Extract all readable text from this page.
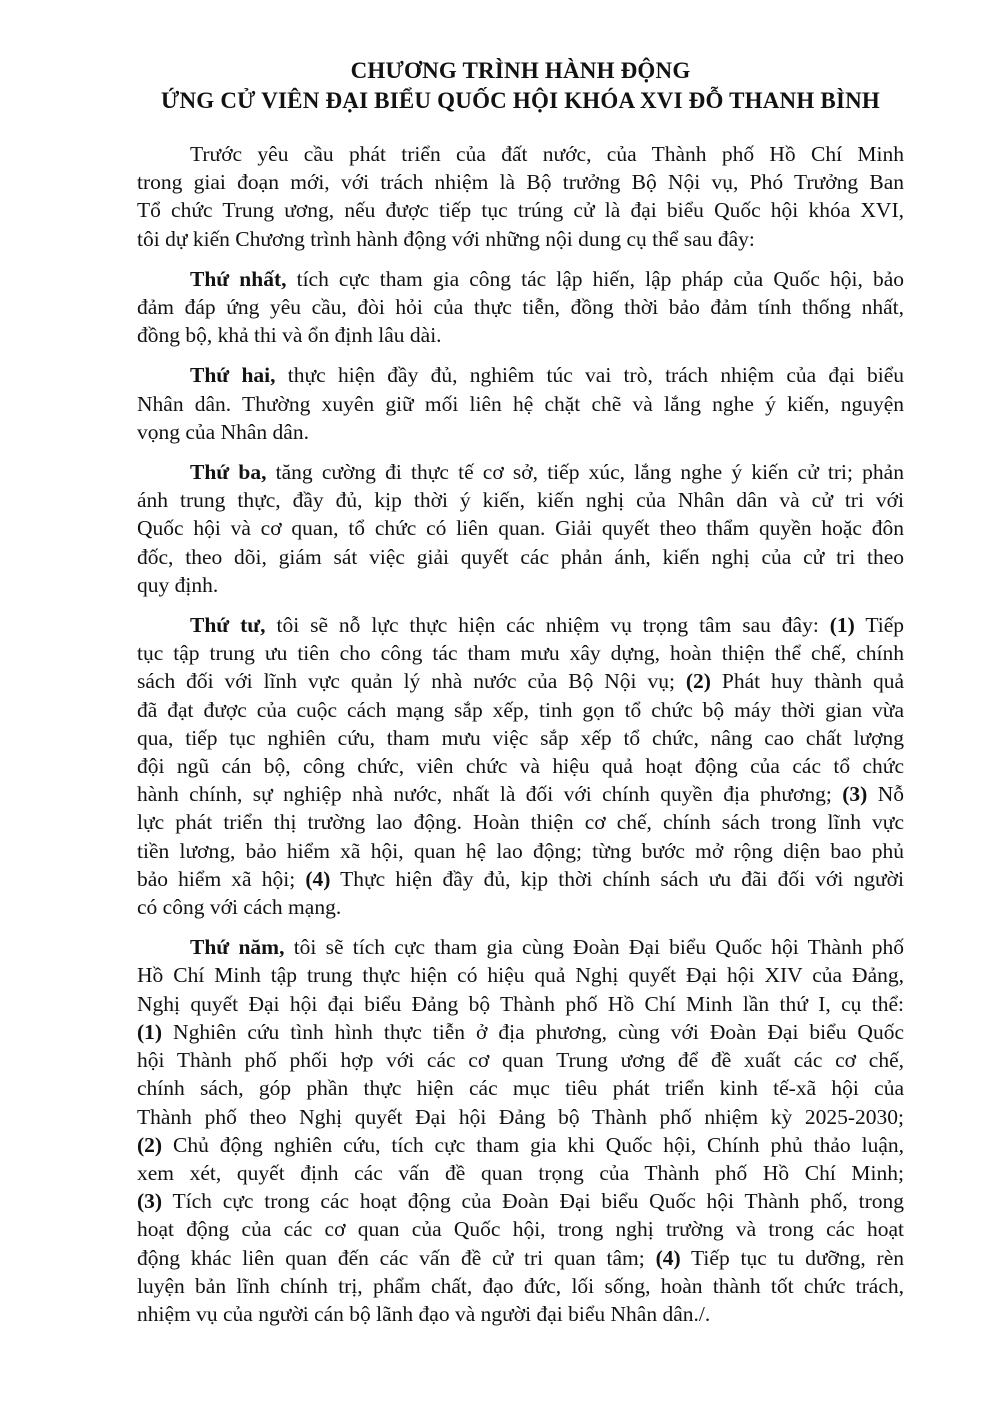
CHƯƠNG TRÌNH HÀNH ĐỘNG
ỨNG CỬ VIÊN ĐẠI BIỂU QUỐC HỘI KHÓA XVI ĐỖ THANH BÌNH
Trước yêu cầu phát triển của đất nước, của Thành phố Hồ Chí Minh
trong giai đoạn mới, với trách nhiệm là Bộ trưởng Bộ Nội vụ, Phó Trưởng Ban
Tổ chức Trung ương, nếu được tiếp tục trúng cử là đại biểu Quốc hội khóa XVI,
tôi dự kiến Chương trình hành động với những nội dung cụ thể sau đây:
Thứ nhất, tích cực tham gia công tác lập hiến, lập pháp của Quốc hội, bảo
đảm đáp ứng yêu cầu, đòi hỏi của thực tiễn, đồng thời bảo đảm tính thống nhất,
đồng bộ, khả thi và ổn định lâu dài.
Thứ hai, thực hiện đầy đủ, nghiêm túc vai trò, trách nhiệm của đại biểu
Nhân dân. Thường xuyên giữ mối liên hệ chặt chẽ và lắng nghe ý kiến, nguyện
vọng của Nhân dân.
Thứ ba, tăng cường đi thực tế cơ sở, tiếp xúc, lắng nghe ý kiến cử tri; phản
ánh trung thực, đầy đủ, kịp thời ý kiến, kiến nghị của Nhân dân và cử tri với
Quốc hội và cơ quan, tổ chức có liên quan. Giải quyết theo thẩm quyền hoặc đôn
đốc, theo dõi, giám sát việc giải quyết các phản ánh, kiến nghị của cử tri theo
quy định.
Thứ tư, tôi sẽ nỗ lực thực hiện các nhiệm vụ trọng tâm sau đây: (1) Tiếp
tục tập trung ưu tiên cho công tác tham mưu xây dựng, hoàn thiện thể chế, chính
sách đối với lĩnh vực quản lý nhà nước của Bộ Nội vụ; (2) Phát huy thành quả
đã đạt được của cuộc cách mạng sắp xếp, tinh gọn tổ chức bộ máy thời gian vừa
qua, tiếp tục nghiên cứu, tham mưu việc sắp xếp tổ chức, nâng cao chất lượng
đội ngũ cán bộ, công chức, viên chức và hiệu quả hoạt động của các tổ chức
hành chính, sự nghiệp nhà nước, nhất là đối với chính quyền địa phương; (3) Nỗ
lực phát triển thị trường lao động. Hoàn thiện cơ chế, chính sách trong lĩnh vực
tiền lương, bảo hiểm xã hội, quan hệ lao động; từng bước mở rộng diện bao phủ
bảo hiểm xã hội; (4) Thực hiện đầy đủ, kịp thời chính sách ưu đãi đối với người
có công với cách mạng.
Thứ năm, tôi sẽ tích cực tham gia cùng Đoàn Đại biểu Quốc hội Thành phố
Hồ Chí Minh tập trung thực hiện có hiệu quả Nghị quyết Đại hội XIV của Đảng,
Nghị quyết Đại hội đại biểu Đảng bộ Thành phố Hồ Chí Minh lần thứ I, cụ thể:
(1) Nghiên cứu tình hình thực tiễn ở địa phương, cùng với Đoàn Đại biểu Quốc
hội Thành phố phối hợp với các cơ quan Trung ương để đề xuất các cơ chế,
chính sách, góp phần thực hiện các mục tiêu phát triển kinh tế-xã hội của
Thành phố theo Nghị quyết Đại hội Đảng bộ Thành phố nhiệm kỳ 2025-2030;
(2) Chủ động nghiên cứu, tích cực tham gia khi Quốc hội, Chính phủ thảo luận,
xem xét, quyết định các vấn đề quan trọng của Thành phố Hồ Chí Minh;
(3) Tích cực trong các hoạt động của Đoàn Đại biểu Quốc hội Thành phố, trong
hoạt động của các cơ quan của Quốc hội, trong nghị trường và trong các hoạt
động khác liên quan đến các vấn đề cử tri quan tâm; (4) Tiếp tục tu dưỡng, rèn
luyện bản lĩnh chính trị, phẩm chất, đạo đức, lối sống, hoàn thành tốt chức trách,
nhiệm vụ của người cán bộ lãnh đạo và người đại biểu Nhân dân./.
